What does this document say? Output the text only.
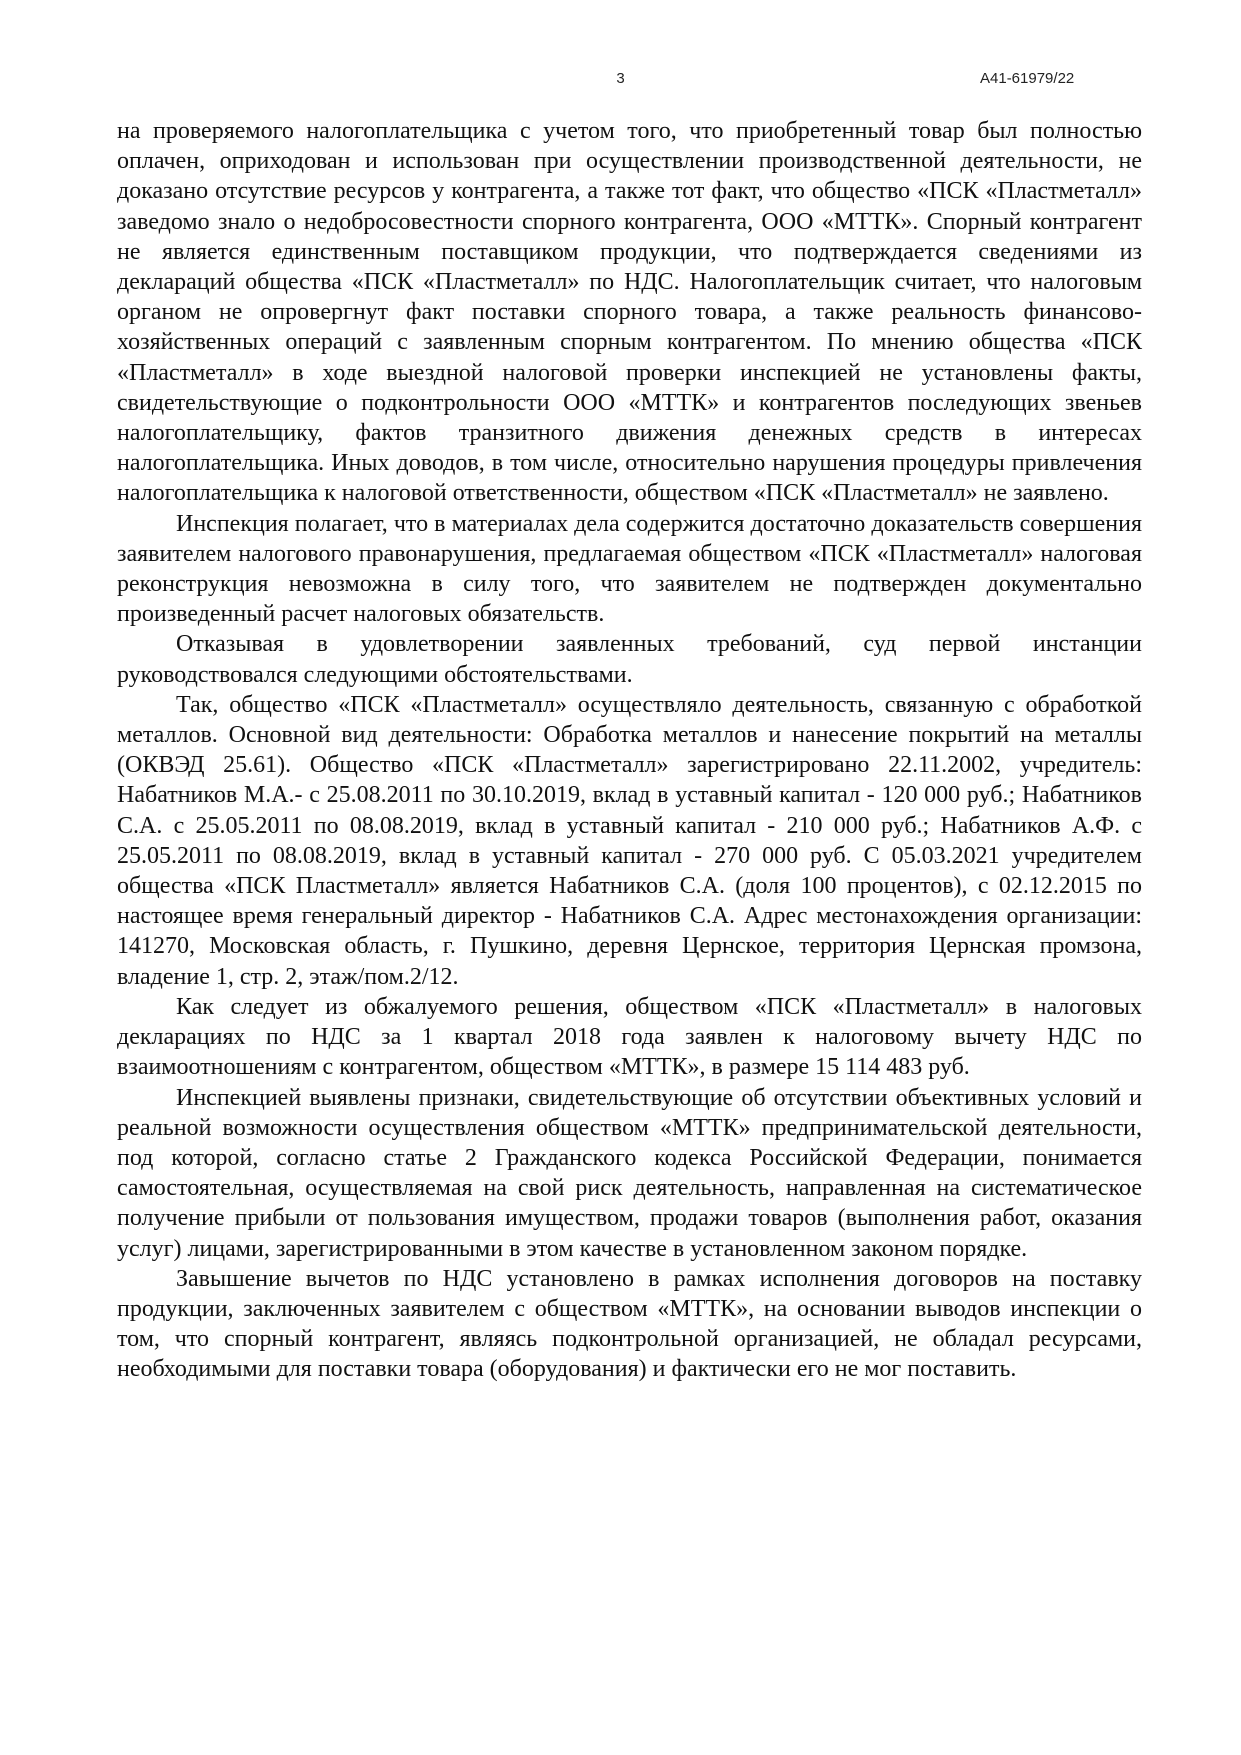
3	А41-61979/22

на проверяемого налогоплательщика с учетом того, что приобретенный товар был полностью оплачен, оприходован и использован при осуществлении производственной деятельности, не доказано отсутствие ресурсов у контрагента, а также тот факт, что общество «ПСК «Пластметалл» заведомо знало о недобросовестности спорного контрагента, ООО «МТТК». Спорный контрагент не является единственным поставщиком продукции, что подтверждается сведениями из деклараций общества «ПСК «Пластметалл» по НДС. Налогоплательщик считает, что налоговым органом не опровергнут факт поставки спорного товара, а также реальность финансово-хозяйственных операций с заявленным спорным контрагентом. По мнению общества «ПСК «Пластметалл» в ходе выездной налоговой проверки инспекцией не установлены факты, свидетельствующие о подконтрольности ООО «МТТК» и контрагентов последующих звеньев налогоплательщику, фактов транзитного движения денежных средств в интересах налогоплательщика. Иных доводов, в том числе, относительно нарушения процедуры привлечения налогоплательщика к налоговой ответственности, обществом «ПСК «Пластметалл» не заявлено.

Инспекция полагает, что в материалах дела содержится достаточно доказательств совершения заявителем налогового правонарушения, предлагаемая обществом «ПСК «Пластметалл» налоговая реконструкция невозможна в силу того, что заявителем не подтвержден документально произведенный расчет налоговых обязательств.

Отказывая в удовлетворении заявленных требований, суд первой инстанции руководствовался следующими обстоятельствами.

Так, общество «ПСК «Пластметалл» осуществляло деятельность, связанную с обработкой металлов. Основной вид деятельности: Обработка металлов и нанесение покрытий на металлы (ОКВЭД 25.61). Общество «ПСК «Пластметалл» зарегистрировано 22.11.2002, учредитель: Набатников М.А.- с 25.08.2011 по 30.10.2019, вклад в уставный капитал - 120 000 руб.; Набатников С.А. с 25.05.2011 по 08.08.2019, вклад в уставный капитал - 210 000 руб.; Набатников А.Ф. с 25.05.2011 по 08.08.2019, вклад в уставный капитал - 270 000 руб. С 05.03.2021 учредителем общества «ПСК Пластметалл» является Набатников С.А. (доля 100 процентов), с 02.12.2015 по настоящее время генеральный директор - Набатников С.А. Адрес местонахождения организации: 141270, Московская область, г. Пушкино, деревня Цернское, территория Цернская промзона, владение 1, стр. 2, этаж/пом.2/12.

Как следует из обжалуемого решения, обществом «ПСК «Пластметалл» в налоговых декларациях по НДС за 1 квартал 2018 года заявлен к налоговому вычету НДС по взаимоотношениям с контрагентом, обществом «МТТК», в размере 15 114 483 руб.

Инспекцией выявлены признаки, свидетельствующие об отсутствии объективных условий и реальной возможности осуществления обществом «МТТК» предпринимательской деятельности, под которой, согласно статье 2 Гражданского кодекса Российской Федерации, понимается самостоятельная, осуществляемая на свой риск деятельность, направленная на систематическое получение прибыли от пользования имуществом, продажи товаров (выполнения работ, оказания услуг) лицами, зарегистрированными в этом качестве в установленном законом порядке.

Завышение вычетов по НДС установлено в рамках исполнения договоров на поставку продукции, заключенных заявителем с обществом «МТТК», на основании выводов инспекции о том, что спорный контрагент, являясь подконтрольной организацией, не обладал ресурсами, необходимыми для поставки товара (оборудования) и фактически его не мог поставить.
